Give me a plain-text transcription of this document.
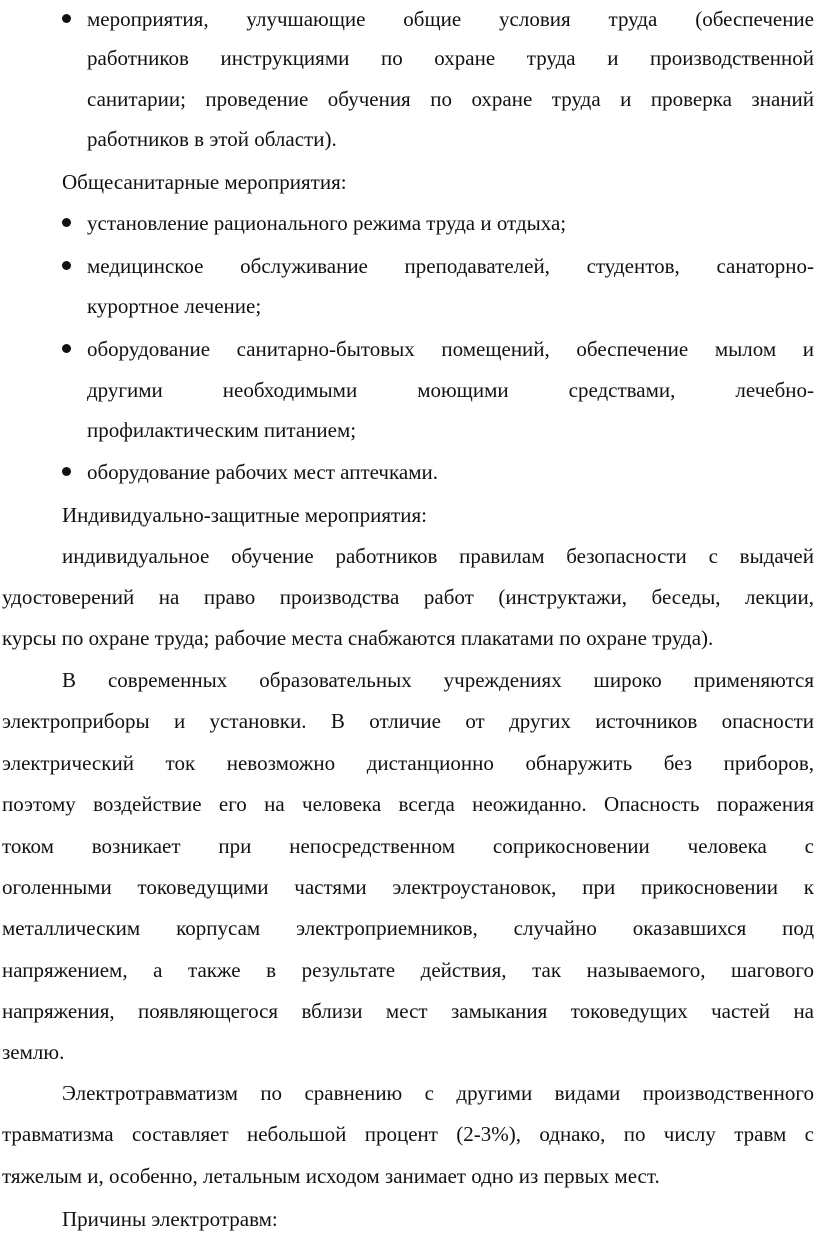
мероприятия, улучшающие общие условия труда (обеспечение

работников инструкциями по охране труда и производственной

санитарии; проведение обучения по охране труда и проверка знаний

работников в этой области).

Общесанитарные мероприятия:

установление рационального режима труда и отдыха;

медицинское обслуживание преподавателей, студентов, санаторно-

курортное лечение;

оборудование санитарно-бытовых помещений, обеспечение мылом и

другими необходимыми моющими средствами, лечебно-

профилактическим питанием;

оборудование рабочих мест аптечками.

Индивидуально-защитные мероприятия:

индивидуальное обучение работников правилам безопасности с выдачей

удостоверений на право производства работ (инструктажи, беседы, лекции,

курсы по охране труда; рабочие места снабжаются плакатами по охране труда).

В современных образовательных учреждениях широко применяются

электроприборы и установки. В отличие от других источников опасности

электрический ток невозможно дистанционно обнаружить без приборов,

поэтому воздействие его на человека всегда неожиданно. Опасность поражения

током возникает при непосредственном соприкосновении человека с

оголенными токоведущими частями электроустановок, при прикосновении к

металлическим корпусам электроприемников, случайно оказавшихся под

напряжением, а также в результате действия, так называемого, шагового

напряжения, появляющегося вблизи мест замыкания токоведущих частей на

землю.

Электротравматизм по сравнению с другими видами производственного

травматизма составляет небольшой процент (2-3%), однако, по числу травм с

тяжелым и, особенно, летальным исходом занимает одно из первых мест.

Причины электротравм:
